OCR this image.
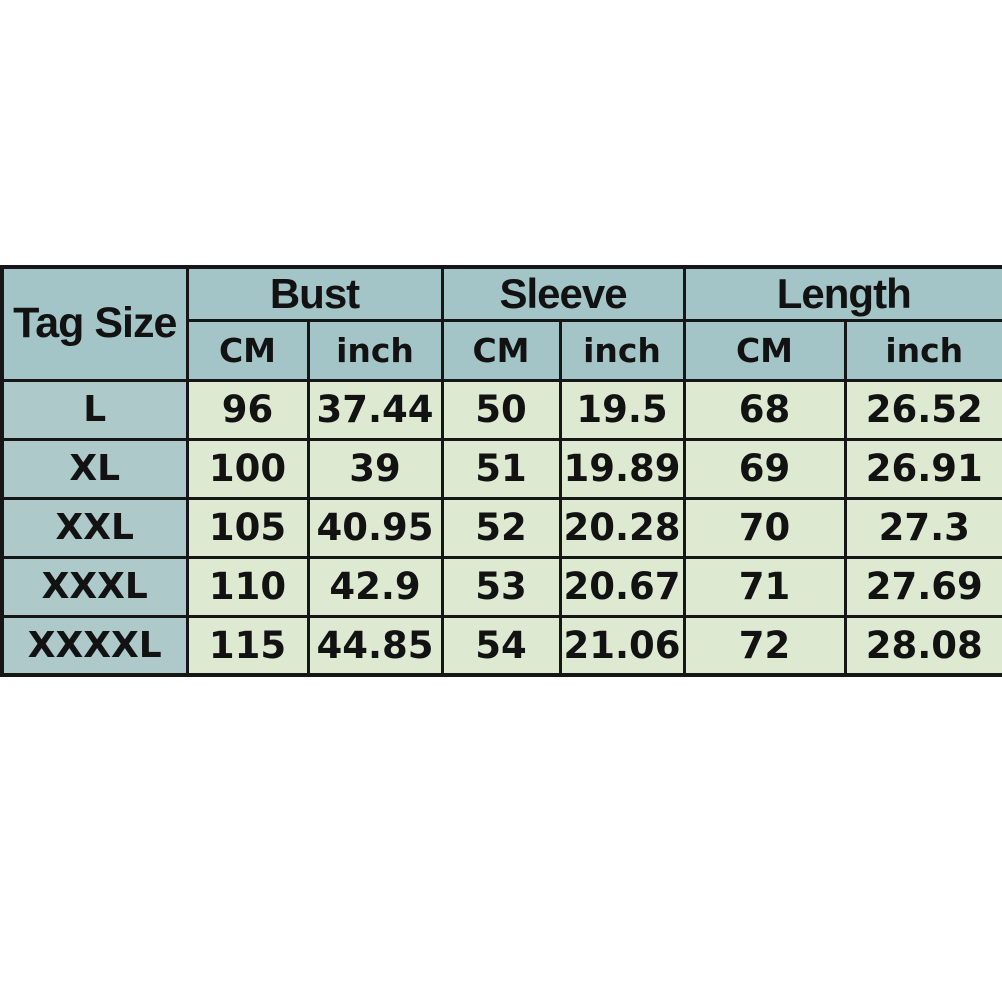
Tag Size	Bust		Sleeve		Length	
	CM	inch	CM	inch	CM	inch
L	96	37.44	50	19.5	68	26.52
XL	100	39	51	19.89	69	26.91
XXL	105	40.95	52	20.28	70	27.3
XXXL	110	42.9	53	20.67	71	27.69
XXXXL	115	44.85	54	21.06	72	28.08
